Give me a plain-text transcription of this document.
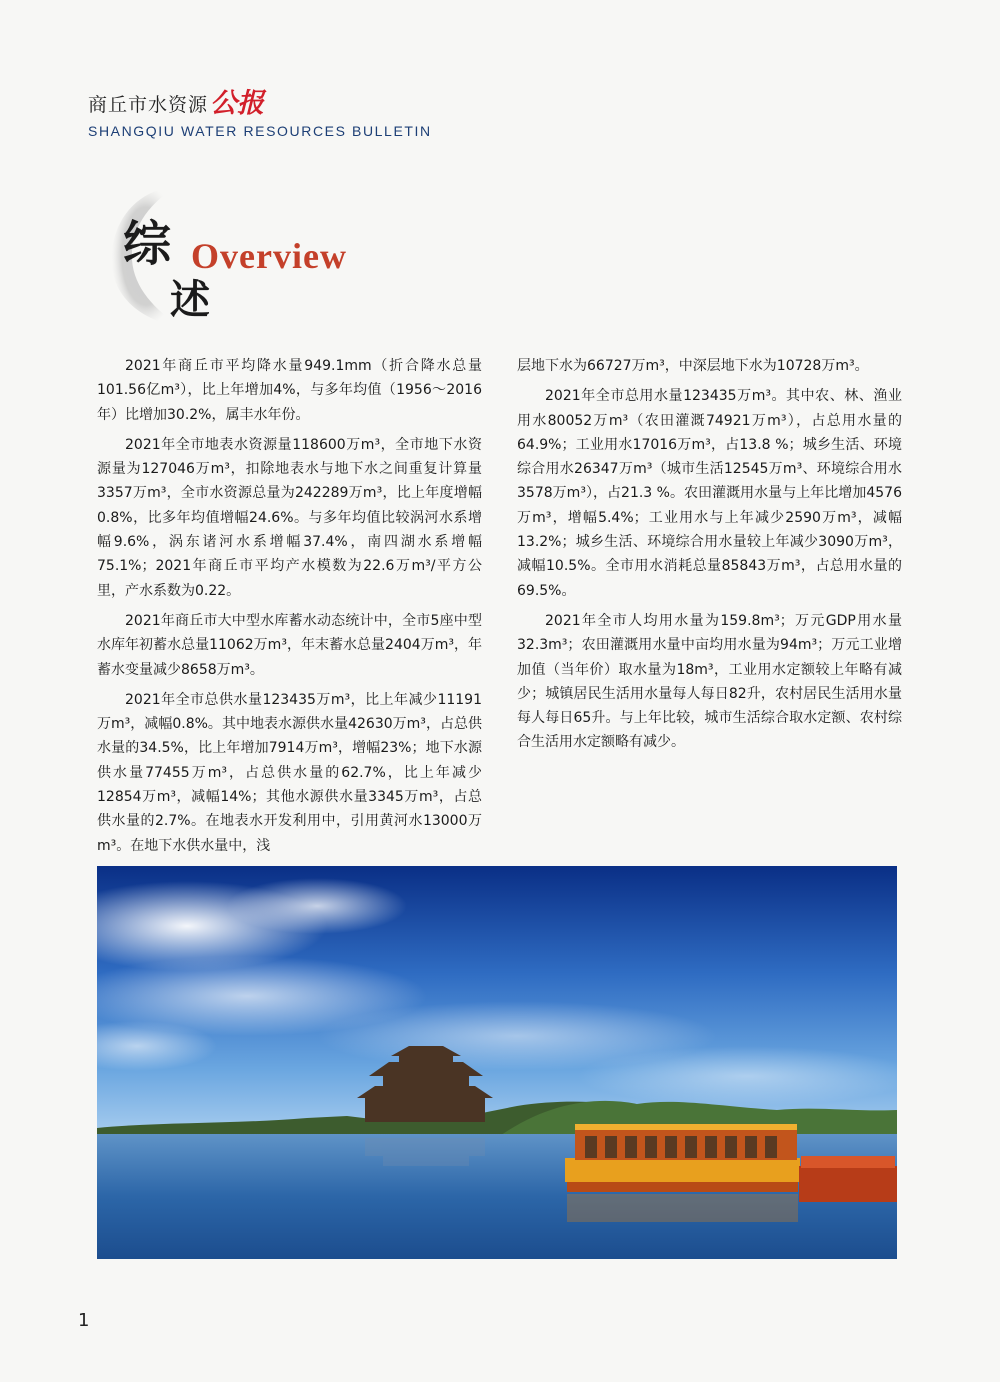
商丘市水资源 公报
SHANGQIU WATER RESOURCES BULLETIN
综 Overview
述

2021年商丘市平均降水量949.1mm（折合降水总量101.56亿m³），比上年增加4%，与多年均值（1956～2016年）比增加30.2%，属丰水年份。

2021年全市地表水资源量118600万m³，全市地下水资源量为127046万m³，扣除地表水与地下水之间重复计算量3357万m³，全市水资源总量为242289万m³，比上年度增幅0.8%，比多年均值增幅24.6%。与多年均值比较涡河水系增幅9.6%，涡东诸河水系增幅37.4%，南四湖水系增幅75.1%；2021年商丘市平均产水模数为22.6万m³/平方公里，产水系数为0.22。

2021年商丘市大中型水库蓄水动态统计中，全市5座中型水库年初蓄水总量11062万m³，年末蓄水总量2404万m³，年蓄水变量减少8658万m³。

2021年全市总供水量123435万m³，比上年减少11191万m³，减幅0.8%。其中地表水源供水量42630万m³，占总供水量的34.5%，比上年增加7914万m³，增幅23%；地下水源供水量77455万m³，占总供水量的62.7%，比上年减少12854万m³，减幅14%；其他水源供水量3345万m³，占总供水量的2.7%。在地表水开发利用中，引用黄河水13000万m³。在地下水供水量中，浅

层地下水为66727万m³，中深层地下水为10728万m³。

2021年全市总用水量123435万m³。其中农、林、渔业用水80052万m³（农田灌溉74921万m³），占总用水量的64.9%；工业用水17016万m³，占13.8 %；城乡生活、环境综合用水26347万m³（城市生活12545万m³、环境综合用水3578万m³），占21.3 %。农田灌溉用水量与上年比增加4576万m³，增幅5.4%；工业用水与上年减少2590万m³，减幅13.2%；城乡生活、环境综合用水量较上年减少3090万m³，减幅10.5%。全市用水消耗总量85843万m³，占总用水量的69.5%。

2021年全市人均用水量为159.8m³；万元GDP用水量32.3m³；农田灌溉用水量中亩均用水量为94m³；万元工业增加值（当年价）取水量为18m³，工业用水定额较上年略有减少；城镇居民生活用水量每人每日82升，农村居民生活用水量每人每日65升。与上年比较，城市生活综合取水定额、农村综合生活用水定额略有减少。

1
